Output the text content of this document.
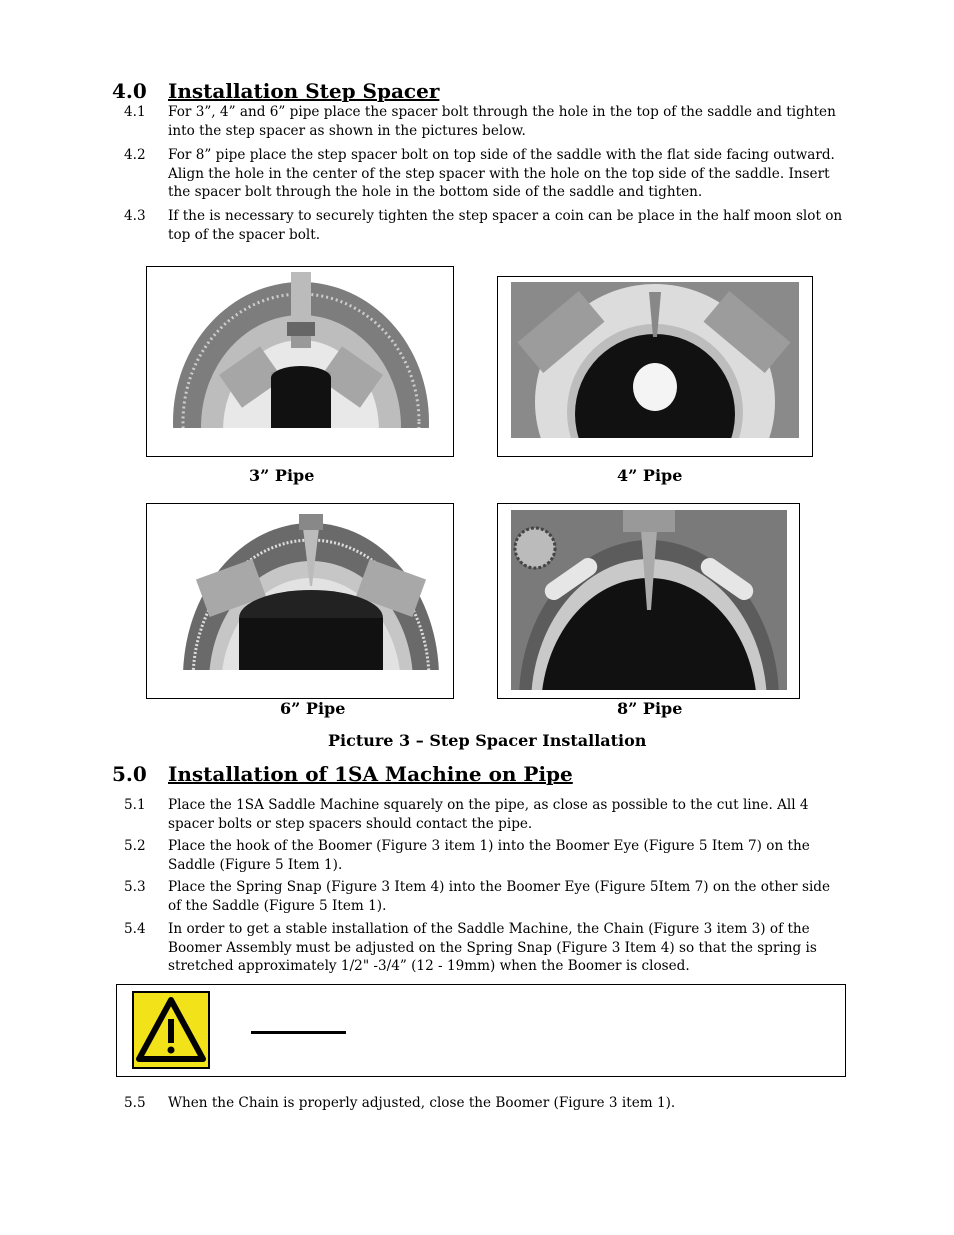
4.0 Installation Step Spacer
4.1 For 3”, 4” and 6” pipe place the spacer bolt through the hole in the top of the saddle and tighten into the step spacer as shown in the pictures below.
4.2 For 8” pipe place the step spacer bolt on top side of the saddle with the flat side facing outward. Align the hole in the center of the step spacer with the hole on the top side of the saddle. Insert the spacer bolt through the hole in the bottom side of the saddle and tighten.
4.3 If the is necessary to securely tighten the step spacer a coin can be place in the half moon slot on top of the spacer bolt.
3” Pipe	4” Pipe
6” Pipe	8” Pipe
Picture 3 – Step Spacer Installation
5.0 Installation of 1SA Machine on Pipe
5.1 Place the 1SA Saddle Machine squarely on the pipe, as close as possible to the cut line. All 4 spacer bolts or step spacers should contact the pipe.
5.2 Place the hook of the Boomer (Figure 3 item 1) into the Boomer Eye (Figure 5 Item 7) on the Saddle (Figure 5 Item 1).
5.3 Place the Spring Snap (Figure 3 Item 4) into the Boomer Eye (Figure 5Item 7) on the other side of the Saddle (Figure 5 Item 1).
5.4 In order to get a stable installation of the Saddle Machine, the Chain (Figure 3 item 3) of the Boomer Assembly must be adjusted on the Spring Snap (Figure 3 Item 4) so that the spring is stretched approximately 1/2" -3/4” (12 - 19mm) when the Boomer is closed.
5.5 When the Chain is properly adjusted, close the Boomer (Figure 3 item 1).
